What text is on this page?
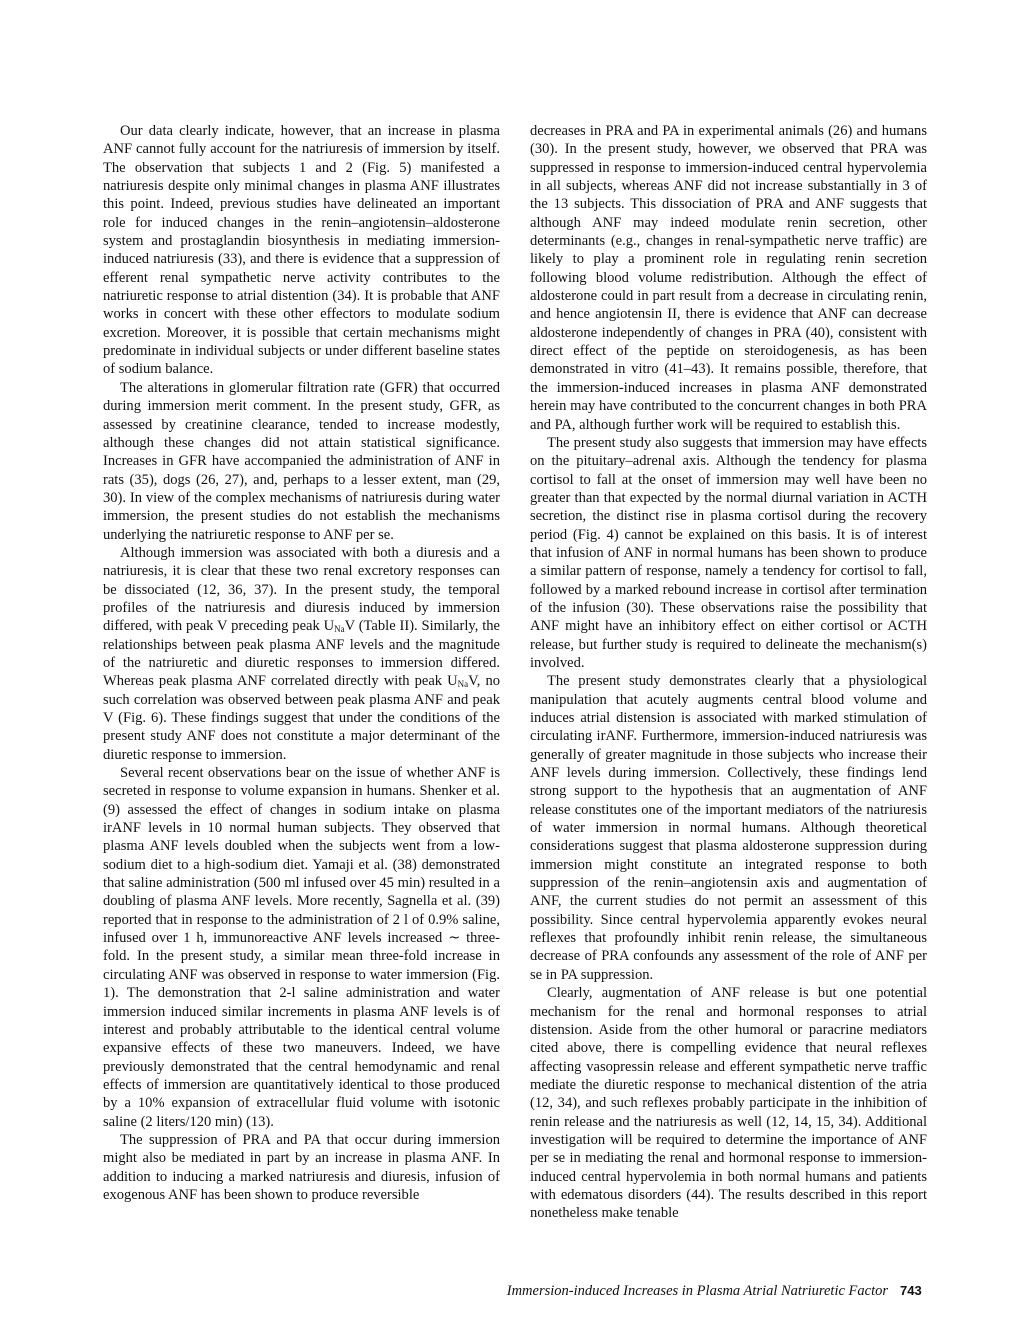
Our data clearly indicate, however, that an increase in plasma ANF cannot fully account for the natriuresis of immersion by itself. The observation that subjects 1 and 2 (Fig. 5) manifested a natriuresis despite only minimal changes in plasma ANF illustrates this point. Indeed, previous studies have delineated an important role for induced changes in the renin–angiotensin–aldosterone system and prostaglandin biosynthesis in mediating immersion-induced natriuresis (33), and there is evidence that a suppression of efferent renal sympathetic nerve activity contributes to the natriuretic response to atrial distention (34). It is probable that ANF works in concert with these other effectors to modulate sodium excretion. Moreover, it is possible that certain mechanisms might predominate in individual subjects or under different baseline states of sodium balance.

The alterations in glomerular filtration rate (GFR) that occurred during immersion merit comment. In the present study, GFR, as assessed by creatinine clearance, tended to increase modestly, although these changes did not attain statistical significance. Increases in GFR have accompanied the administration of ANF in rats (35), dogs (26, 27), and, perhaps to a lesser extent, man (29, 30). In view of the complex mechanisms of natriuresis during water immersion, the present studies do not establish the mechanisms underlying the natriuretic response to ANF per se.

Although immersion was associated with both a diuresis and a natriuresis, it is clear that these two renal excretory responses can be dissociated (12, 36, 37). In the present study, the temporal profiles of the natriuresis and diuresis induced by immersion differed, with peak V preceding peak $U_{Na}V$ (Table II). Similarly, the relationships between peak plasma ANF levels and the magnitude of the natriuretic and diuretic responses to immersion differed. Whereas peak plasma ANF correlated directly with peak $U_{Na}V$, no such correlation was observed between peak plasma ANF and peak V (Fig. 6). These findings suggest that under the conditions of the present study ANF does not constitute a major determinant of the diuretic response to immersion.

Several recent observations bear on the issue of whether ANF is secreted in response to volume expansion in humans. Shenker et al. (9) assessed the effect of changes in sodium intake on plasma irANF levels in 10 normal human subjects. They observed that plasma ANF levels doubled when the subjects went from a low-sodium diet to a high-sodium diet. Yamaji et al. (38) demonstrated that saline administration (500 ml infused over 45 min) resulted in a doubling of plasma ANF levels. More recently, Sagnella et al. (39) reported that in response to the administration of 2 l of 0.9% saline, infused over 1 h, immunoreactive ANF levels increased ∼ three-fold. In the present study, a similar mean three-fold increase in circulating ANF was observed in response to water immersion (Fig. 1). The demonstration that 2-l saline administration and water immersion induced similar increments in plasma ANF levels is of interest and probably attributable to the identical central volume expansive effects of these two maneuvers. Indeed, we have previously demonstrated that the central hemodynamic and renal effects of immersion are quantitatively identical to those produced by a 10% expansion of extracellular fluid volume with isotonic saline (2 liters/120 min) (13).

The suppression of PRA and PA that occur during immersion might also be mediated in part by an increase in plasma ANF. In addition to inducing a marked natriuresis and diuresis, infusion of exogenous ANF has been shown to produce reversible

decreases in PRA and PA in experimental animals (26) and humans (30). In the present study, however, we observed that PRA was suppressed in response to immersion-induced central hypervolemia in all subjects, whereas ANF did not increase substantially in 3 of the 13 subjects. This dissociation of PRA and ANF suggests that although ANF may indeed modulate renin secretion, other determinants (e.g., changes in renal-sympathetic nerve traffic) are likely to play a prominent role in regulating renin secretion following blood volume redistribution. Although the effect of aldosterone could in part result from a decrease in circulating renin, and hence angiotensin II, there is evidence that ANF can decrease aldosterone independently of changes in PRA (40), consistent with direct effect of the peptide on steroidogenesis, as has been demonstrated in vitro (41–43). It remains possible, therefore, that the immersion-induced increases in plasma ANF demonstrated herein may have contributed to the concurrent changes in both PRA and PA, although further work will be required to establish this.

The present study also suggests that immersion may have effects on the pituitary–adrenal axis. Although the tendency for plasma cortisol to fall at the onset of immersion may well have been no greater than that expected by the normal diurnal variation in ACTH secretion, the distinct rise in plasma cortisol during the recovery period (Fig. 4) cannot be explained on this basis. It is of interest that infusion of ANF in normal humans has been shown to produce a similar pattern of response, namely a tendency for cortisol to fall, followed by a marked rebound increase in cortisol after termination of the infusion (30). These observations raise the possibility that ANF might have an inhibitory effect on either cortisol or ACTH release, but further study is required to delineate the mechanism(s) involved.

The present study demonstrates clearly that a physiological manipulation that acutely augments central blood volume and induces atrial distension is associated with marked stimulation of circulating irANF. Furthermore, immersion-induced natriuresis was generally of greater magnitude in those subjects who increase their ANF levels during immersion. Collectively, these findings lend strong support to the hypothesis that an augmentation of ANF release constitutes one of the important mediators of the natriuresis of water immersion in normal humans. Although theoretical considerations suggest that plasma aldosterone suppression during immersion might constitute an integrated response to both suppression of the renin–angiotensin axis and augmentation of ANF, the current studies do not permit an assessment of this possibility. Since central hypervolemia apparently evokes neural reflexes that profoundly inhibit renin release, the simultaneous decrease of PRA confounds any assessment of the role of ANF per se in PA suppression.

Clearly, augmentation of ANF release is but one potential mechanism for the renal and hormonal responses to atrial distension. Aside from the other humoral or paracrine mediators cited above, there is compelling evidence that neural reflexes affecting vasopressin release and efferent sympathetic nerve traffic mediate the diuretic response to mechanical distention of the atria (12, 34), and such reflexes probably participate in the inhibition of renin release and the natriuresis as well (12, 14, 15, 34). Additional investigation will be required to determine the importance of ANF per se in mediating the renal and hormonal response to immersion-induced central hypervolemia in both normal humans and patients with edematous disorders (44). The results described in this report nonetheless make tenable

Immersion-induced Increases in Plasma Atrial Natriuretic Factor 743
